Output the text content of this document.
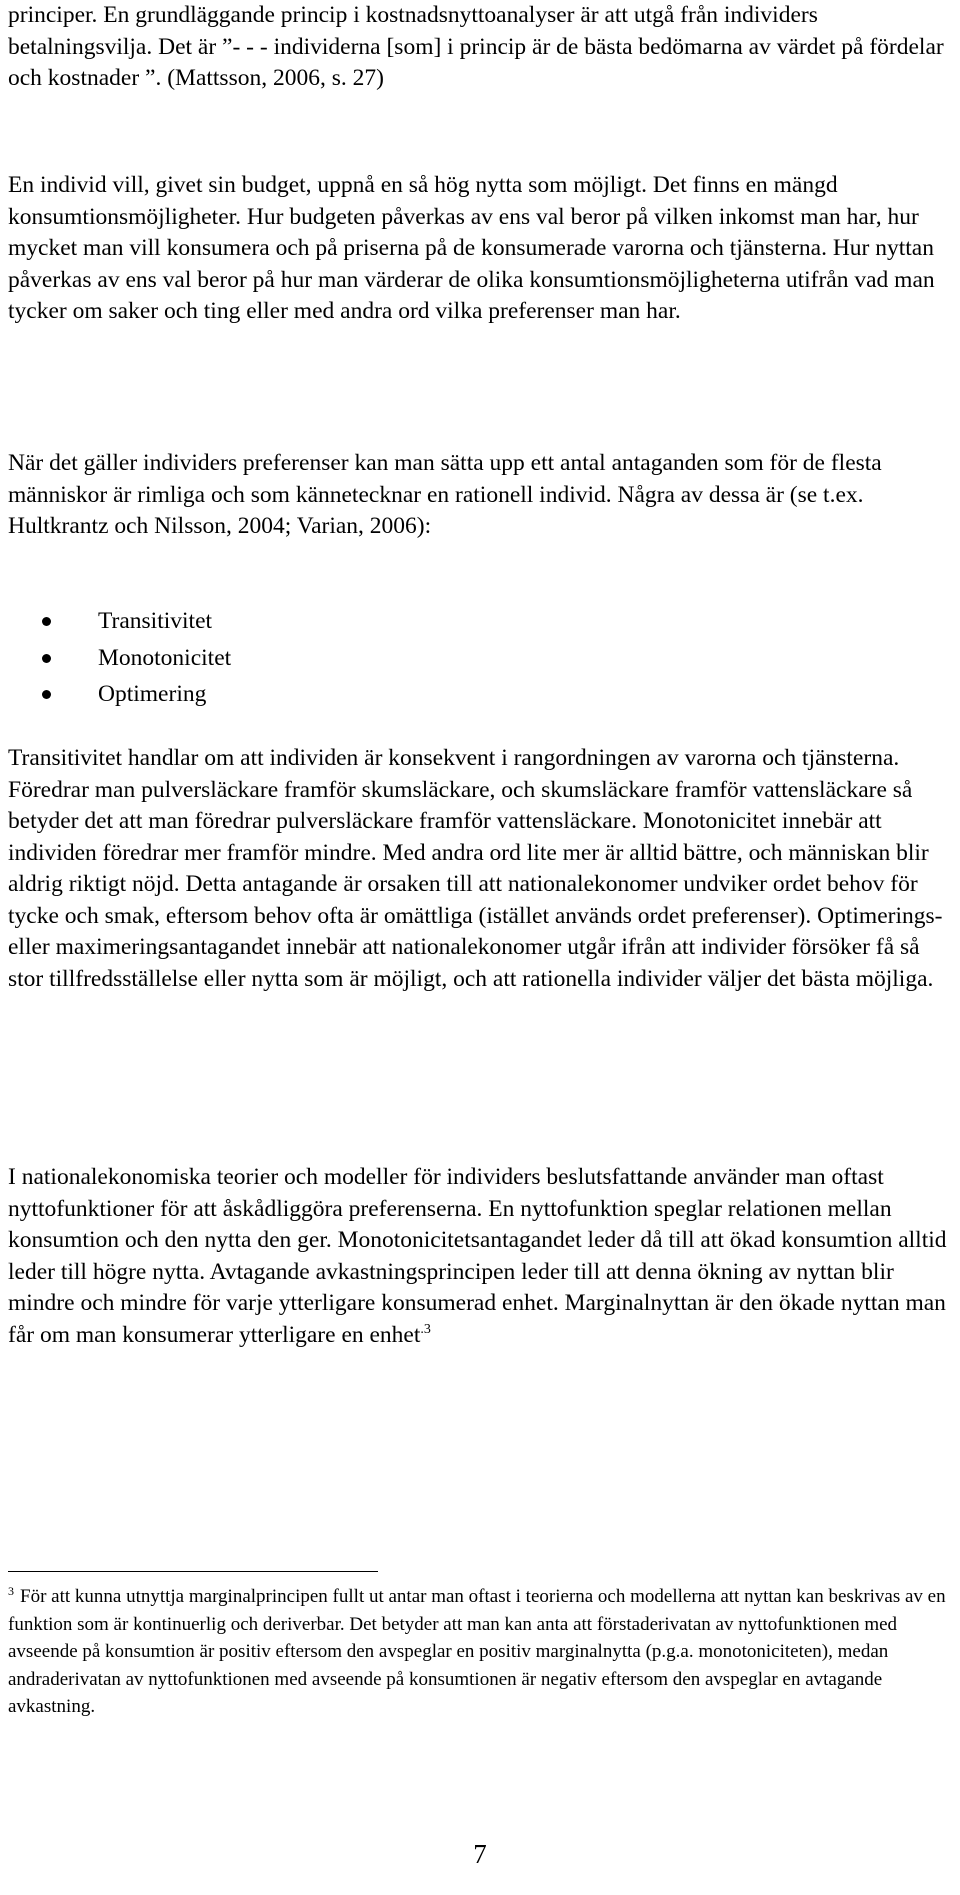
principer. En grundläggande princip i kostnadsnyttoanalyser är att utgå från individers betalningsvilja. Det är ”- - - individerna [som] i princip är de bästa bedömarna av värdet på fördelar och kostnader ”. (Mattsson, 2006, s. 27)

En individ vill, givet sin budget, uppnå en så hög nytta som möjligt. Det finns en mängd konsumtionsmöjligheter. Hur budgeten påverkas av ens val beror på vilken inkomst man har, hur mycket man vill konsumera och på priserna på de konsumerade varorna och tjänsterna. Hur nyttan påverkas av ens val beror på hur man värderar de olika konsumtionsmöjligheterna utifrån vad man tycker om saker och ting eller med andra ord vilka preferenser man har.

När det gäller individers preferenser kan man sätta upp ett antal antaganden som för de flesta människor är rimliga och som kännetecknar en rationell individ. Några av dessa är (se t.ex. Hultkrantz och Nilsson, 2004; Varian, 2006):

Transitivitet
Monotonicitet
Optimering

Transitivitet handlar om att individen är konsekvent i rangordningen av varorna och tjänsterna. Föredrar man pulversläckare framför skumsläckare, och skumsläckare framför vattensläckare så betyder det att man föredrar pulversläckare framför vattensläckare. Monotonicitet innebär att individen föredrar mer framför mindre. Med andra ord lite mer är alltid bättre, och människan blir aldrig riktigt nöjd. Detta antagande är orsaken till att nationalekonomer undviker ordet behov för tycke och smak, eftersom behov ofta är omättliga (istället används ordet preferenser). Optimerings- eller maximeringsantagandet innebär att nationalekonomer utgår ifrån att individer försöker få så stor tillfredsställelse eller nytta som är möjligt, och att rationella individer väljer det bästa möjliga.

I nationalekonomiska teorier och modeller för individers beslutsfattande använder man oftast nyttofunktioner för att åskådliggöra preferenserna. En nyttofunktion speglar relationen mellan konsumtion och den nytta den ger. Monotonicitetsantagandet leder då till att ökad konsumtion alltid leder till högre nytta. Avtagande avkastningsprincipen leder till att denna ökning av nyttan blir mindre och mindre för varje ytterligare konsumerad enhet. Marginalnyttan är den ökade nyttan man får om man konsumerar ytterligare en enhet$^{.3}$

$^3$ För att kunna utnyttja marginalprincipen fullt ut antar man oftast i teorierna och modellerna att nyttan kan beskrivas av en funktion som är kontinuerlig och deriverbar. Det betyder att man kan anta att förstaderivatan av nyttofunktionen med avseende på konsumtion är positiv eftersom den avspeglar en positiv marginalnytta (p.g.a. monotoniciteten), medan andraderivatan av nyttofunktionen med avseende på konsumtionen är negativ eftersom den avspeglar en avtagande avkastning.

7
